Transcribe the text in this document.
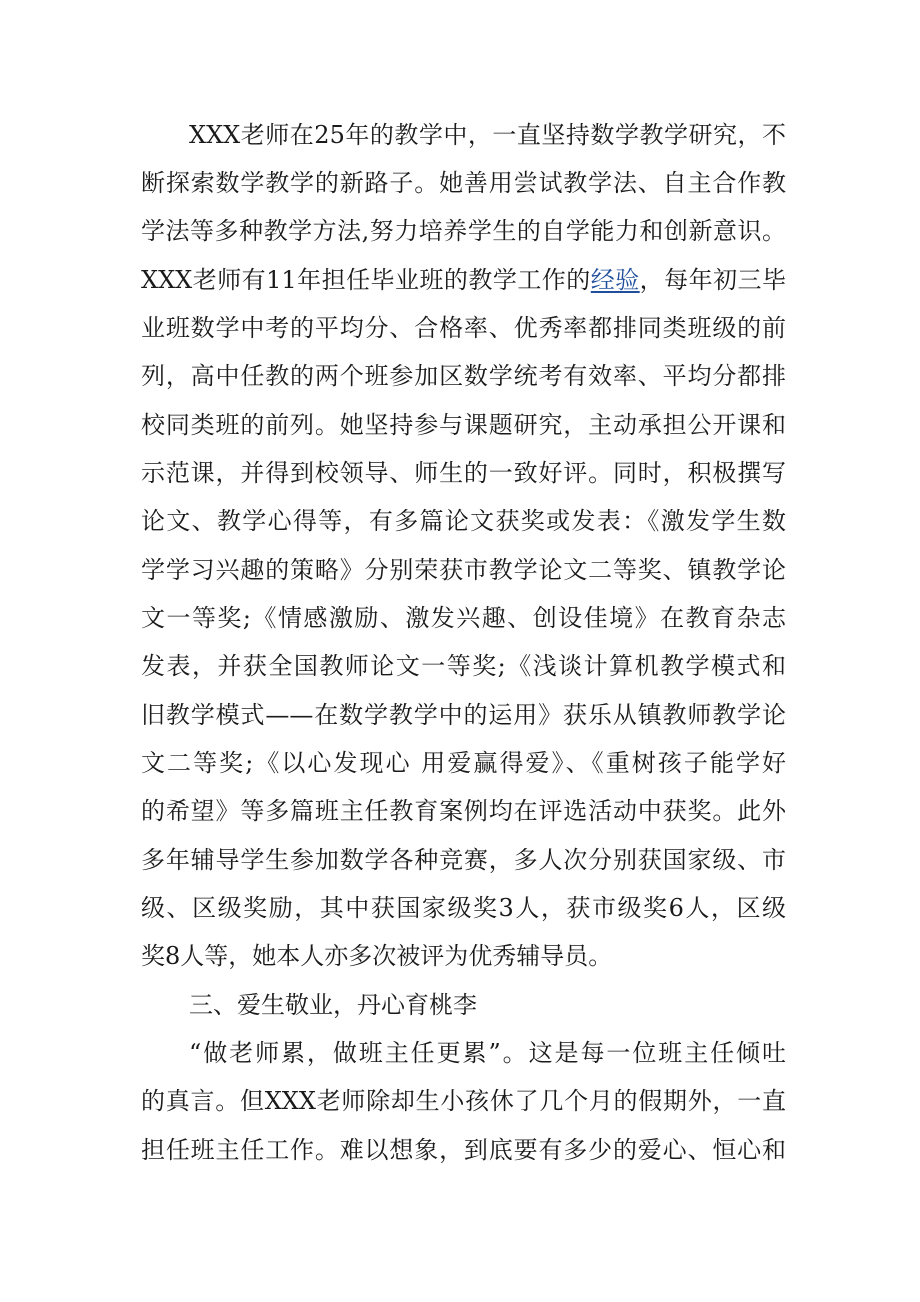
XXX老师在25年的教学中，一直坚持数学教学研究，不
断探索数学教学的新路子。她善用尝试教学法、自主合作教
学法等多种教学方法,努力培养学生的自学能力和创新意识。
XXX老师有11年担任毕业班的教学工作的经验，每年初三毕
业班数学中考的平均分、合格率、优秀率都排同类班级的前
列，高中任教的两个班参加区数学统考有效率、平均分都排
校同类班的前列。她坚持参与课题研究，主动承担公开课和
示范课，并得到校领导、师生的一致好评。同时，积极撰写
论文、教学心得等，有多篇论文获奖或发表：《激发学生数
学学习兴趣的策略》分别荣获市教学论文二等奖、镇教学论
文一等奖;《情感激励、激发兴趣、创设佳境》在教育杂志
发表，并获全国教师论文一等奖;《浅谈计算机教学模式和
旧教学模式——在数学教学中的运用》获乐从镇教师教学论
文二等奖;《以心发现心 用爱赢得爱》、《重树孩子能学好
的希望》等多篇班主任教育案例均在评选活动中获奖。此外
多年辅导学生参加数学各种竞赛，多人次分别获国家级、市
级、区级奖励，其中获国家级奖3人，获市级奖6人，区级
奖8人等，她本人亦多次被评为优秀辅导员。
三、爱生敬业，丹心育桃李
“做老师累，做班主任更累”。这是每一位班主任倾吐
的真言。但XXX老师除却生小孩休了几个月的假期外，一直
担任班主任工作。难以想象，到底要有多少的爱心、恒心和
